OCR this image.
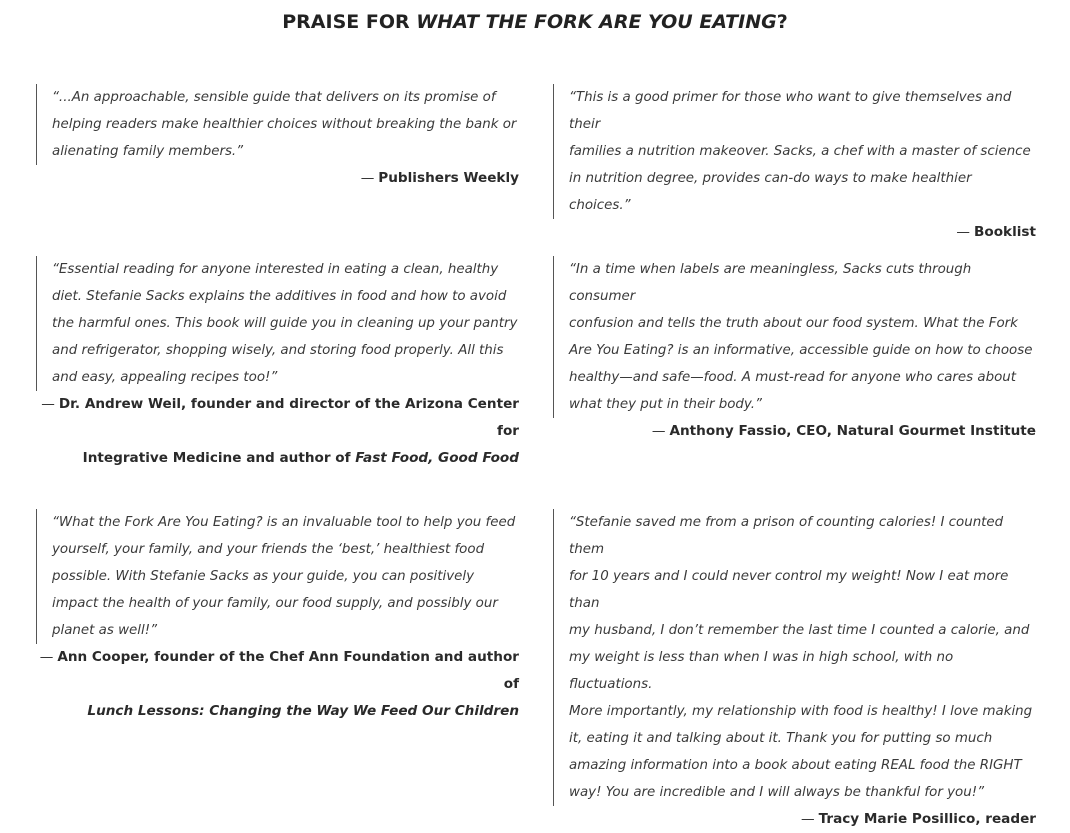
PRAISE FOR WHAT THE FORK ARE YOU EATING?
“...An approachable, sensible guide that delivers on its promise of
helping readers make healthier choices without breaking the bank or
alienating family members.”
— Publishers Weekly
“This is a good primer for those who want to give themselves and their
families a nutrition makeover. Sacks, a chef with a master of science
in nutrition degree, provides can-do ways to make healthier choices.”
— Booklist
“Essential reading for anyone interested in eating a clean, healthy
diet. Stefanie Sacks explains the additives in food and how to avoid
the harmful ones. This book will guide you in cleaning up your pantry
and refrigerator, shopping wisely, and storing food properly. All this
and easy, appealing recipes too!”
— Dr. Andrew Weil, founder and director of the Arizona Center for
Integrative Medicine and author of Fast Food, Good Food
“In a time when labels are meaningless, Sacks cuts through consumer
confusion and tells the truth about our food system. What the Fork
Are You Eating? is an informative, accessible guide on how to choose
healthy—and safe—food. A must-read for anyone who cares about
what they put in their body.”
— Anthony Fassio, CEO, Natural Gourmet Institute
“What the Fork Are You Eating? is an invaluable tool to help you feed
yourself, your family, and your friends the ‘best,’ healthiest food
possible. With Stefanie Sacks as your guide, you can positively
impact the health of your family, our food supply, and possibly our
planet as well!”
— Ann Cooper, founder of the Chef Ann Foundation and author of
Lunch Lessons: Changing the Way We Feed Our Children
“Stefanie saved me from a prison of counting calories! I counted them
for 10 years and I could never control my weight! Now I eat more than
my husband, I don’t remember the last time I counted a calorie, and
my weight is less than when I was in high school, with no fluctuations.
More importantly, my relationship with food is healthy! I love making
it, eating it and talking about it. Thank you for putting so much
amazing information into a book about eating REAL food the RIGHT
way! You are incredible and I will always be thankful for you!”
— Tracy Marie Posillico, reader
